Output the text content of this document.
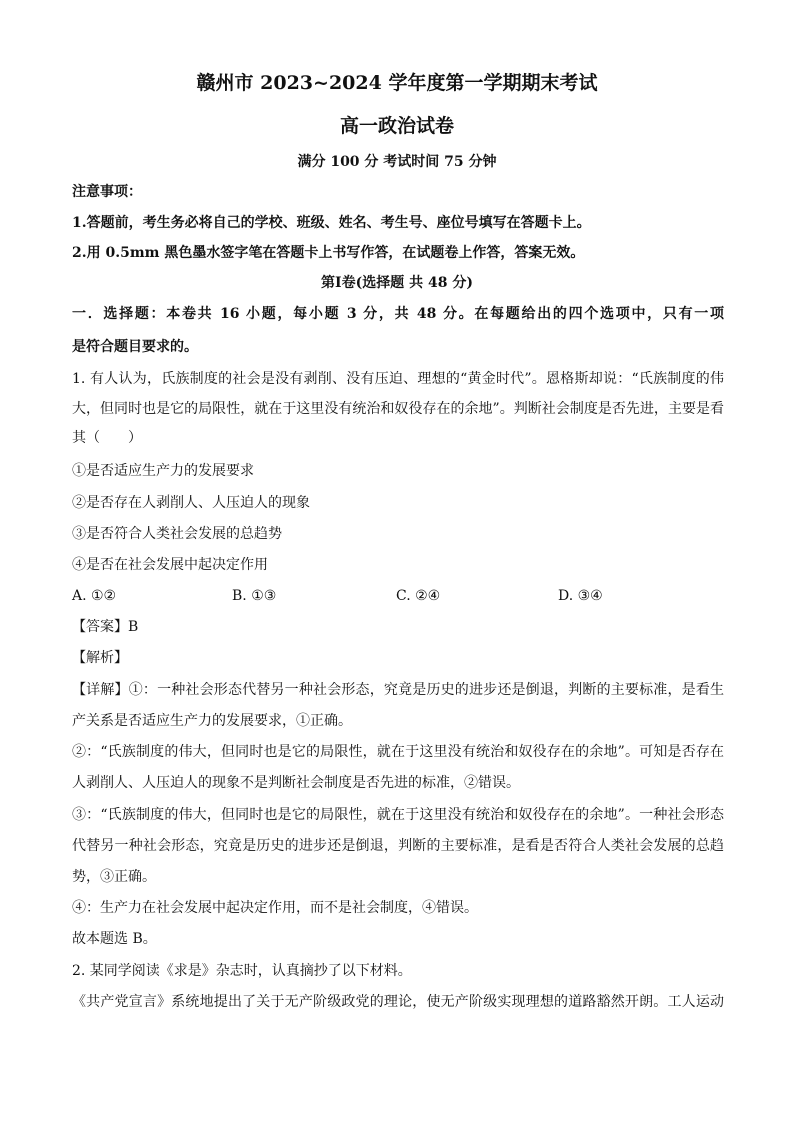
赣州市 2023~2024 学年度第一学期期末考试
高一政治试卷
满分 100 分 考试时间 75 分钟
注意事项：
1.答题前，考生务必将自己的学校、班级、姓名、考生号、座位号填写在答题卡上。
2.用 0.5mm 黑色墨水签字笔在答题卡上书写作答，在试题卷上作答，答案无效。
第Ⅰ卷(选择题 共 48 分)
一．选择题：本卷共 16 小题，每小题 3 分，共 48 分。在每题给出的四个选项中，只有一项
是符合题目要求的。
1. 有人认为，氏族制度的社会是没有剥削、没有压迫、理想的“黄金时代”。恩格斯却说：“氏族制度的伟
大，但同时也是它的局限性，就在于这里没有统治和奴役存在的余地”。判断社会制度是否先进，主要是看
其（　　）
①是否适应生产力的发展要求
②是否存在人剥削人、人压迫人的现象
③是否符合人类社会发展的总趋势
④是否在社会发展中起决定作用
A. ①②	B. ①③	C. ②④	D. ③④
【答案】B
【解析】
【详解】①：一种社会形态代替另一种社会形态，究竟是历史的进步还是倒退，判断的主要标准，是看生
产关系是否适应生产力的发展要求，①正确。
②：“氏族制度的伟大，但同时也是它的局限性，就在于这里没有统治和奴役存在的余地”。可知是否存在
人剥削人、人压迫人的现象不是判断社会制度是否先进的标准，②错误。
③：“氏族制度的伟大，但同时也是它的局限性，就在于这里没有统治和奴役存在的余地”。一种社会形态
代替另一种社会形态，究竟是历史的进步还是倒退，判断的主要标准，是看是否符合人类社会发展的总趋
势，③正确。
④：生产力在社会发展中起决定作用，而不是社会制度，④错误。
故本题选 B。
2. 某同学阅读《求是》杂志时，认真摘抄了以下材料。
《共产党宣言》系统地提出了关于无产阶级政党的理论，使无产阶级实现理想的道路豁然开朗。工人运动
